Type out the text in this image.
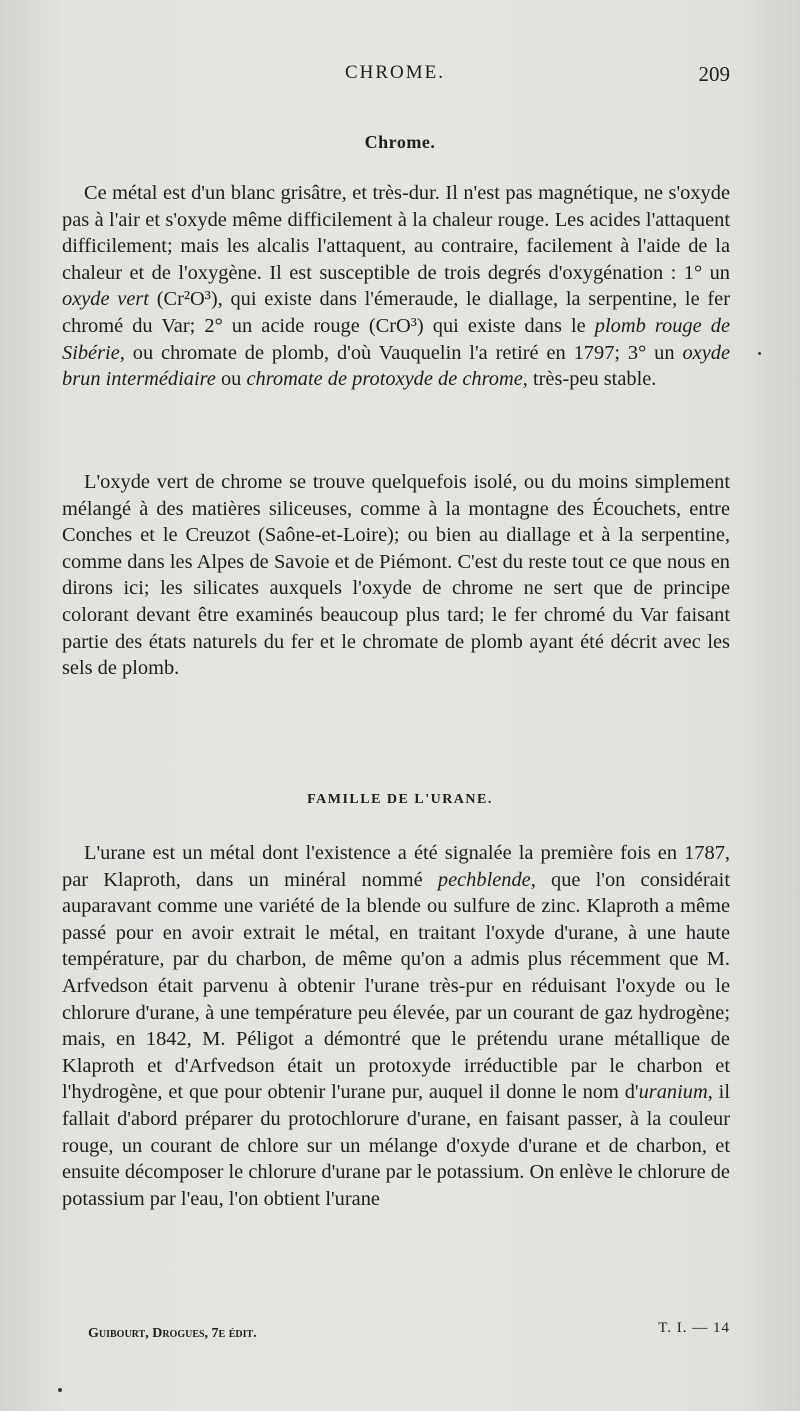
CHROME.	209
Chrome.

Ce métal est d'un blanc grisâtre, et très-dur. Il n'est pas magnétique, ne s'oxyde pas à l'air et s'oxyde même difficilement à la chaleur rouge. Les acides l'attaquent difficilement; mais les alcalis l'attaquent, au contraire, facilement à l'aide de la chaleur et de l'oxygène. Il est susceptible de trois degrés d'oxygénation : 1° un oxyde vert (Cr²O³), qui existe dans l'émeraude, le diallage, la serpentine, le fer chromé du Var; 2° un acide rouge (CrO³) qui existe dans le plomb rouge de Sibérie, ou chromate de plomb, d'où Vauquelin l'a retiré en 1797; 3° un oxyde brun intermédiaire ou chromate de protoxyde de chrome, très-peu stable.

L'oxyde vert de chrome se trouve quelquefois isolé, ou du moins simplement mélangé à des matières siliceuses, comme à la montagne des Écouchets, entre Conches et le Creuzot (Saône-et-Loire); ou bien au diallage et à la serpentine, comme dans les Alpes de Savoie et de Piémont. C'est du reste tout ce que nous en dirons ici; les silicates auxquels l'oxyde de chrome ne sert que de principe colorant devant être examinés beaucoup plus tard; le fer chromé du Var faisant partie des états naturels du fer et le chromate de plomb ayant été décrit avec les sels de plomb.

FAMILLE DE L'URANE.

L'urane est un métal dont l'existence a été signalée la première fois en 1787, par Klaproth, dans un minéral nommé pechblende, que l'on considérait auparavant comme une variété de la blende ou sulfure de zinc. Klaproth a même passé pour en avoir extrait le métal, en traitant l'oxyde d'urane, à une haute température, par du charbon, de même qu'on a admis plus récemment que M. Arfvedson était parvenu à obtenir l'urane très-pur en réduisant l'oxyde ou le chlorure d'urane, à une température peu élevée, par un courant de gaz hydrogène; mais, en 1842, M. Péligot a démontré que le prétendu urane métallique de Klaproth et d'Arfvedson était un protoxyde irréductible par le charbon et l'hydrogène, et que pour obtenir l'urane pur, auquel il donne le nom d'uranium, il fallait d'abord préparer du protochlorure d'urane, en faisant passer, à la couleur rouge, un courant de chlore sur un mélange d'oxyde d'urane et de charbon, et ensuite décomposer le chlorure d'urane par le potassium. On enlève le chlorure de potassium par l'eau, l'on obtient l'urane

Guibourt, Drogues, 7e édit.	T. I. — 14
